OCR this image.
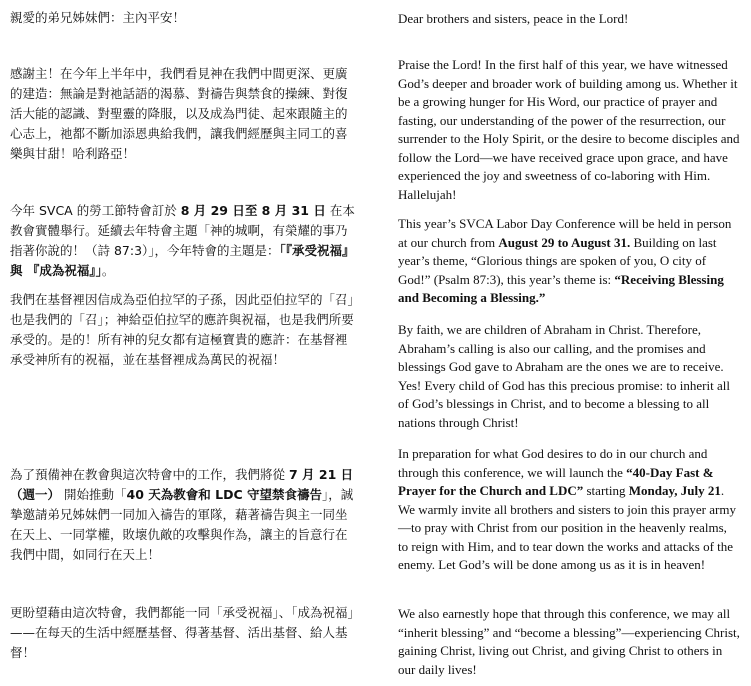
親愛的弟兄姊妹們：主內平安！

感謝主！在今年上半年中，我們看見神在我們中間更深、更廣的建造：無論是對祂話語的渴慕、對禱告與禁食的操練、對復活大能的認識、對聖靈的降服，以及成為門徒、起來跟隨主的心志上，祂都不斷加添恩典給我們，讓我們經歷與主同工的喜樂與甘甜！哈利路亞！

今年 SVCA 的勞工節特會訂於 8 月 29 日至 8 月 31 日 在本教會實體舉行。延續去年特會主題「神的城啊，有榮耀的事乃指著你說的！（詩 87:3）」，今年特會的主題是：「『承受祝福』 與 『成為祝福』」。

我們在基督裡因信成為亞伯拉罕的子孫，因此亞伯拉罕的「召」也是我們的「召」；神給亞伯拉罕的應許與祝福，也是我們所要承受的。是的！所有神的兒女都有這極寶貴的應許：在基督裡承受神所有的祝福，並在基督裡成為萬民的祝福！

為了預備神在教會與這次特會中的工作，我們將從 7 月 21 日（週一） 開始推動「40 天為教會和 LDC 守望禁食禱告」，誠摯邀請弟兄姊妹們一同加入禱告的軍隊，藉著禱告與主一同坐在天上、一同掌權，敗壞仇敵的攻擊與作為，讓主的旨意行在我們中間，如同行在天上！

更盼望藉由這次特會，我們都能一同「承受祝福」、「成為祝福」——在每天的生活中經歷基督、得著基督、活出基督、給人基督！

Dear brothers and sisters, peace in the Lord!

Praise the Lord! In the first half of this year, we have witnessed God’s deeper and broader work of building among us. Whether it be a growing hunger for His Word, our practice of prayer and fasting, our understanding of the power of the resurrection, our surrender to the Holy Spirit, or the desire to become disciples and follow the Lord—we have received grace upon grace, and have experienced the joy and sweetness of co-laboring with Him. Hallelujah!

This year’s SVCA Labor Day Conference will be held in person at our church from August 29 to August 31. Building on last year’s theme, “Glorious things are spoken of you, O city of God!” (Psalm 87:3), this year’s theme is: “Receiving Blessing and Becoming a Blessing.”

By faith, we are children of Abraham in Christ. Therefore, Abraham’s calling is also our calling, and the promises and blessings God gave to Abraham are the ones we are to receive. Yes! Every child of God has this precious promise: to inherit all of God’s blessings in Christ, and to become a blessing to all nations through Christ!

In preparation for what God desires to do in our church and through this conference, we will launch the “40-Day Fast & Prayer for the Church and LDC” starting Monday, July 21. We warmly invite all brothers and sisters to join this prayer army—to pray with Christ from our position in the heavenly realms, to reign with Him, and to tear down the works and attacks of the enemy. Let God’s will be done among us as it is in heaven!

We also earnestly hope that through this conference, we may all “inherit blessing” and “become a blessing”—experiencing Christ, gaining Christ, living out Christ, and giving Christ to others in our daily lives!
